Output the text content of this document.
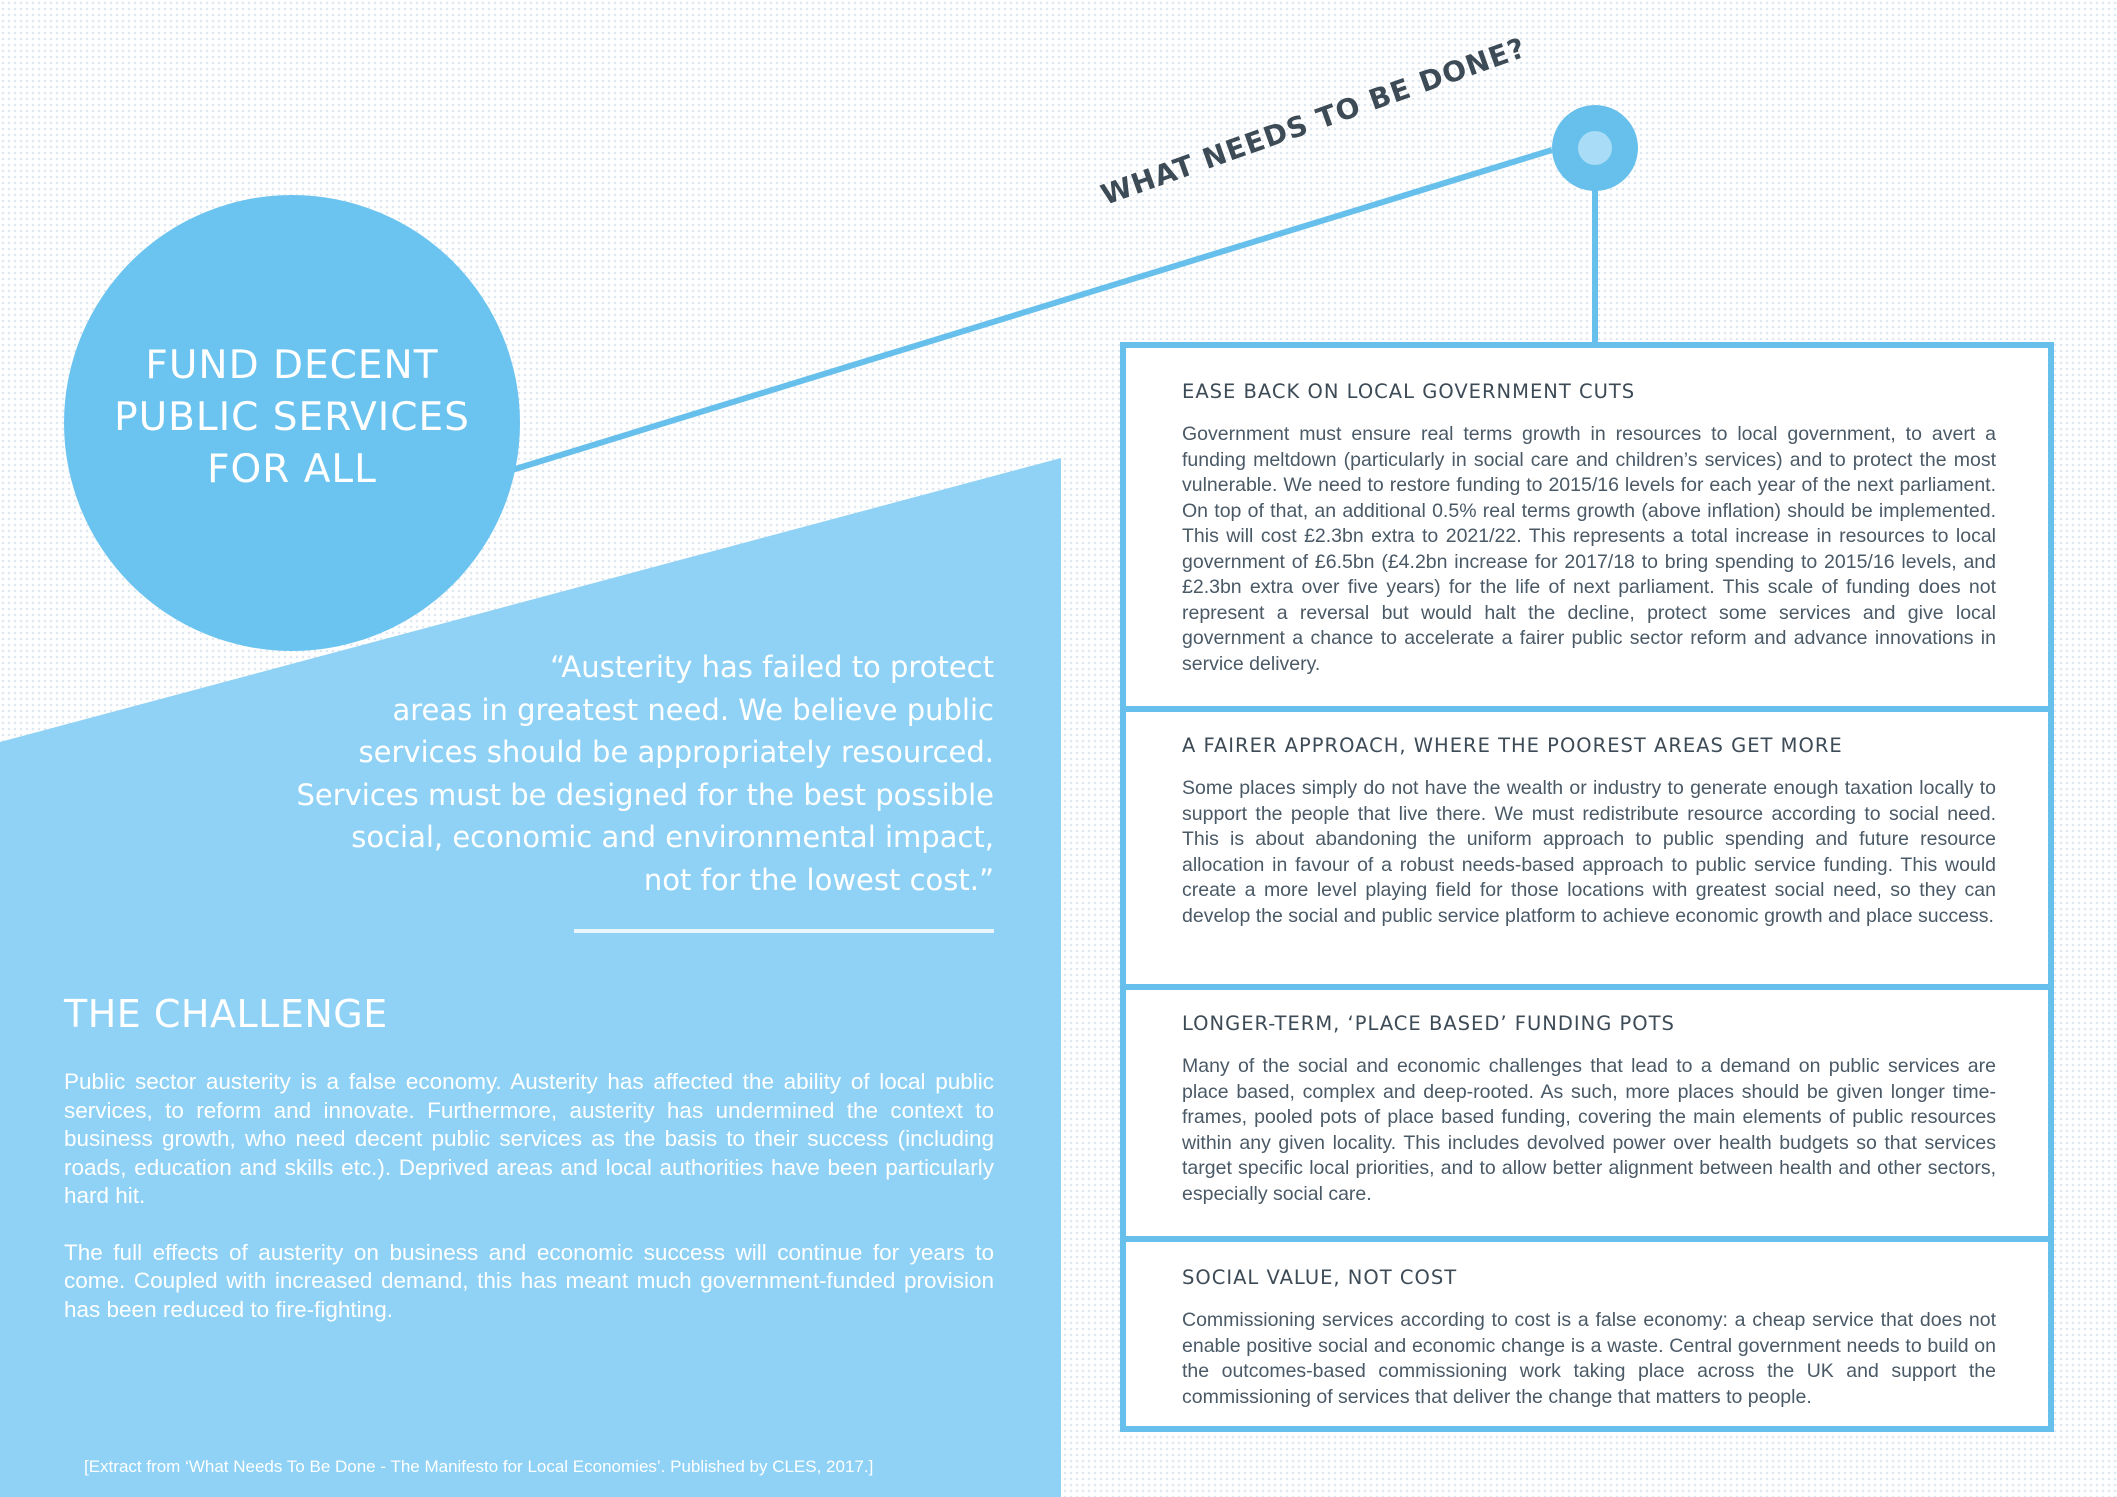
FUND DECENT
PUBLIC SERVICES
FOR ALL
WHAT NEEDS TO BE DONE?
“Austerity has failed to protect
areas in greatest need. We believe public
services should be appropriately resourced.
Services must be designed for the best possible
social, economic and environmental impact,
not for the lowest cost.”
THE CHALLENGE

Public sector austerity is a false economy. Austerity has affected the ability of local public services, to reform and innovate. Furthermore, austerity has undermined the context to business growth, who need decent public services as the basis to their success (including roads, education and skills etc.). Deprived areas and local authorities have been particularly hard hit.

The full effects of austerity on business and economic success will continue for years to come. Coupled with increased demand, this has meant much government-funded provision has been reduced to fire-fighting.

[Extract from ‘What Needs To Be Done - The Manifesto for Local Economies’. Published by CLES, 2017.]
EASE BACK ON LOCAL GOVERNMENT CUTS

Government must ensure real terms growth in resources to local government, to avert a funding meltdown (particularly in social care and children’s services) and to protect the most vulnerable. We need to restore funding to 2015/16 levels for each year of the next parliament. On top of that, an additional 0.5% real terms growth (above inflation) should be implemented. This will cost £2.3bn extra to 2021/22. This represents a total increase in resources to local government of £6.5bn (£4.2bn increase for 2017/18 to bring spending to 2015/16 levels, and £2.3bn extra over five years) for the life of next parliament. This scale of funding does not represent a reversal but would halt the decline, protect some services and give local government a chance to accelerate a fairer public sector reform and advance innovations in service delivery.

A FAIRER APPROACH, WHERE THE POOREST AREAS GET MORE

Some places simply do not have the wealth or industry to generate enough taxation locally to support the people that live there. We must redistribute resource according to social need. This is about abandoning the uniform approach to public spending and future resource allocation in favour of a robust needs-based approach to public service funding. This would create a more level playing field for those locations with greatest social need, so they can develop the social and public service platform to achieve economic growth and place success.

LONGER-TERM, ‘PLACE BASED’ FUNDING POTS

Many of the social and economic challenges that lead to a demand on public services are place based, complex and deep-rooted. As such, more places should be given longer time-frames, pooled pots of place based funding, covering the main elements of public resources within any given locality. This includes devolved power over health budgets so that services target specific local priorities, and to allow better alignment between health and other sectors, especially social care.

SOCIAL VALUE, NOT COST

Commissioning services according to cost is a false economy: a cheap service that does not enable positive social and economic change is a waste. Central government needs to build on the outcomes-based commissioning work taking place across the UK and support the commissioning of services that deliver the change that matters to people.
